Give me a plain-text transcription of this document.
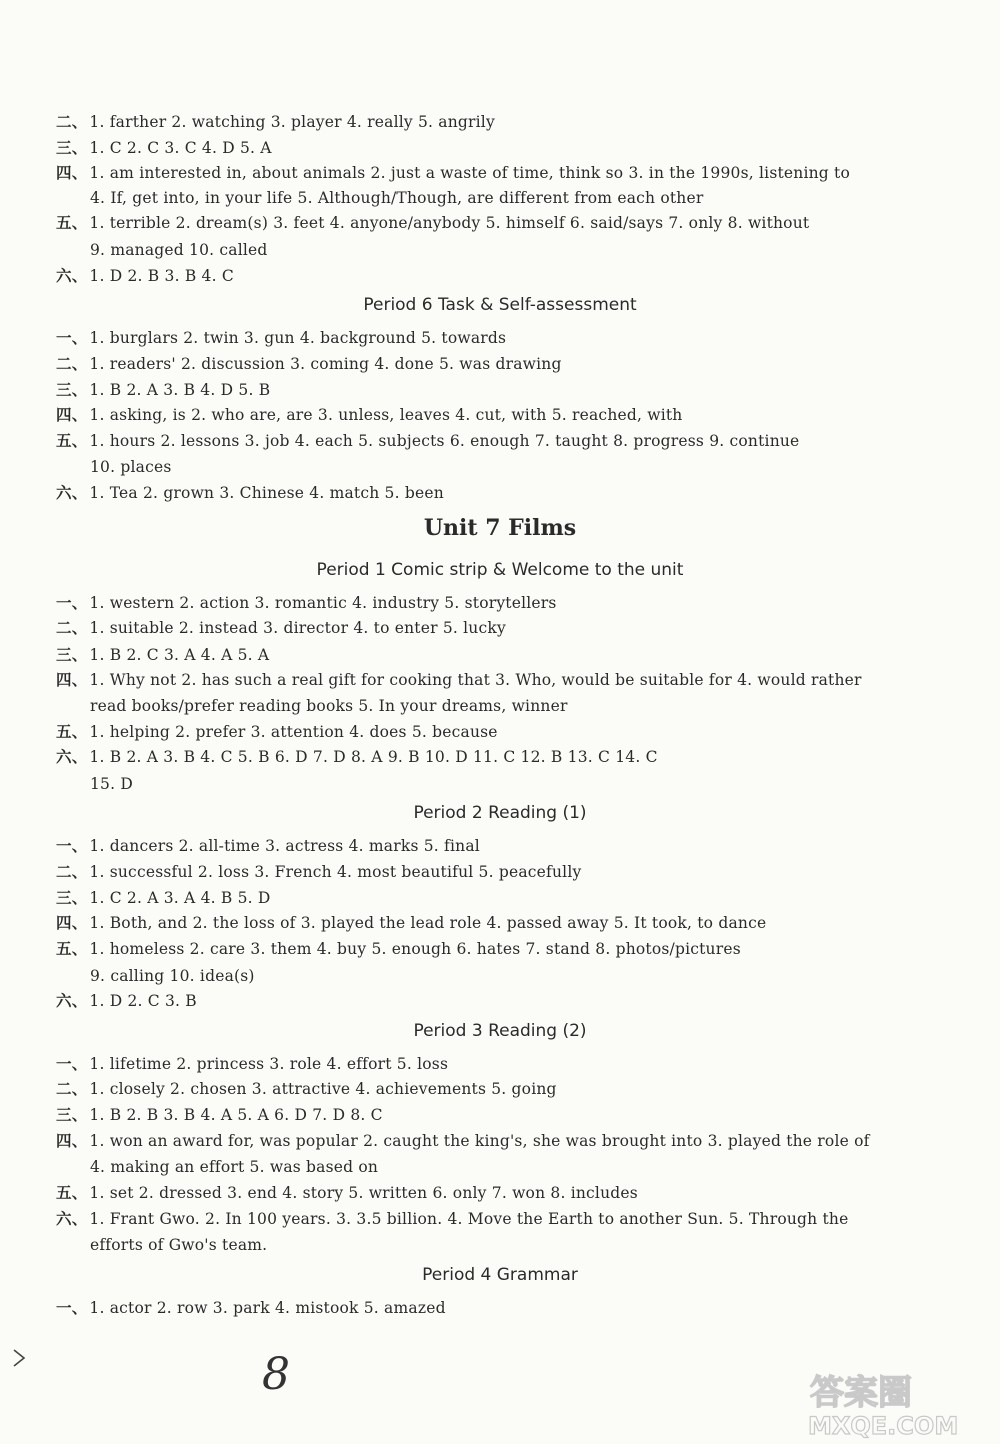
二、 1. farther 2. watching 3. player 4. really 5. angrily
三、 1. C 2. C 3. C 4. D 5. A
四、 1. am interested in, about animals 2. just a waste of time, think so 3. in the 1990s, listening to
4. If, get into, in your life 5. Although/Though, are different from each other
五、 1. terrible 2. dream(s) 3. feet 4. anyone/anybody 5. himself 6. said/says 7. only 8. without
9. managed 10. called
六、 1. D 2. B 3. B 4. C
Period 6 Task & Self-assessment
一、 1. burglars 2. twin 3. gun 4. background 5. towards
二、 1. readers' 2. discussion 3. coming 4. done 5. was drawing
三、 1. B 2. A 3. B 4. D 5. B
四、 1. asking, is 2. who are, are 3. unless, leaves 4. cut, with 5. reached, with
五、 1. hours 2. lessons 3. job 4. each 5. subjects 6. enough 7. taught 8. progress 9. continue
10. places
六、 1. Tea 2. grown 3. Chinese 4. match 5. been
Unit 7 Films
Period 1 Comic strip & Welcome to the unit
一、 1. western 2. action 3. romantic 4. industry 5. storytellers
二、 1. suitable 2. instead 3. director 4. to enter 5. lucky
三、 1. B 2. C 3. A 4. A 5. A
四、 1. Why not 2. has such a real gift for cooking that 3. Who, would be suitable for 4. would rather
read books/prefer reading books 5. In your dreams, winner
五、 1. helping 2. prefer 3. attention 4. does 5. because
六、 1. B 2. A 3. B 4. C 5. B 6. D 7. D 8. A 9. B 10. D 11. C 12. B 13. C 14. C
15. D
Period 2 Reading (1)
一、 1. dancers 2. all-time 3. actress 4. marks 5. final
二、 1. successful 2. loss 3. French 4. most beautiful 5. peacefully
三、 1. C 2. A 3. A 4. B 5. D
四、 1. Both, and 2. the loss of 3. played the lead role 4. passed away 5. It took, to dance
五、 1. homeless 2. care 3. them 4. buy 5. enough 6. hates 7. stand 8. photos/pictures
9. calling 10. idea(s)
六、 1. D 2. C 3. B
Period 3 Reading (2)
一、 1. lifetime 2. princess 3. role 4. effort 5. loss
二、 1. closely 2. chosen 3. attractive 4. achievements 5. going
三、 1. B 2. B 3. B 4. A 5. A 6. D 7. D 8. C
四、 1. won an award for, was popular 2. caught the king's, she was brought into 3. played the role of
4. making an effort 5. was based on
五、 1. set 2. dressed 3. end 4. story 5. written 6. only 7. won 8. includes
六、 1. Frant Gwo. 2. In 100 years. 3. 3.5 billion. 4. Move the Earth to another Sun. 5. Through the
efforts of Gwo's team.
Period 4 Grammar
一、 1. actor 2. row 3. park 4. mistook 5. amazed
8	答案圈
MXQE.COM
